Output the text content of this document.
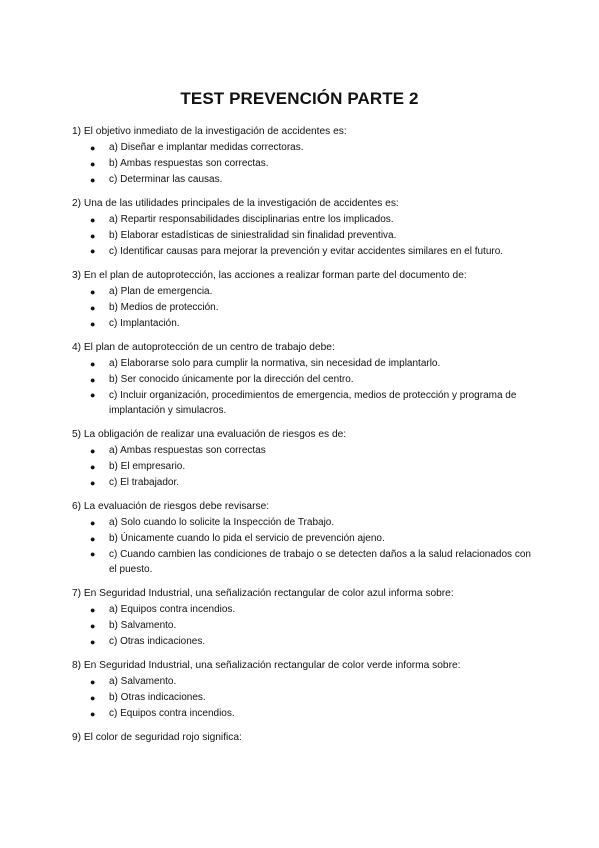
TEST PREVENCIÓN PARTE 2
1) El objetivo inmediato de la investigación de accidentes es:
● a) Diseñar e implantar medidas correctoras.
● b) Ambas respuestas son correctas.
● c) Determinar las causas.
2) Una de las utilidades principales de la investigación de accidentes es:
● a) Repartir responsabilidades disciplinarias entre los implicados.
● b) Elaborar estadísticas de siniestralidad sin finalidad preventiva.
● c) Identificar causas para mejorar la prevención y evitar accidentes similares en el futuro.
3) En el plan de autoprotección, las acciones a realizar forman parte del documento de:
● a) Plan de emergencia.
● b) Medios de protección.
● c) Implantación.
4) El plan de autoprotección de un centro de trabajo debe:
● a) Elaborarse solo para cumplir la normativa, sin necesidad de implantarlo.
● b) Ser conocido únicamente por la dirección del centro.
● c) Incluir organización, procedimientos de emergencia, medios de protección y programa de implantación y simulacros.
5) La obligación de realizar una evaluación de riesgos es de:
● a) Ambas respuestas son correctas
● b) El empresario.
● c) El trabajador.
6) La evaluación de riesgos debe revisarse:
● a) Solo cuando lo solicite la Inspección de Trabajo.
● b) Únicamente cuando lo pida el servicio de prevención ajeno.
● c) Cuando cambien las condiciones de trabajo o se detecten daños a la salud relacionados con el puesto.
7) En Seguridad Industrial, una señalización rectangular de color azul informa sobre:
● a) Equipos contra incendios.
● b) Salvamento.
● c) Otras indicaciones.
8) En Seguridad Industrial, una señalización rectangular de color verde informa sobre:
● a) Salvamento.
● b) Otras indicaciones.
● c) Equipos contra incendios.
9) El color de seguridad rojo significa:
